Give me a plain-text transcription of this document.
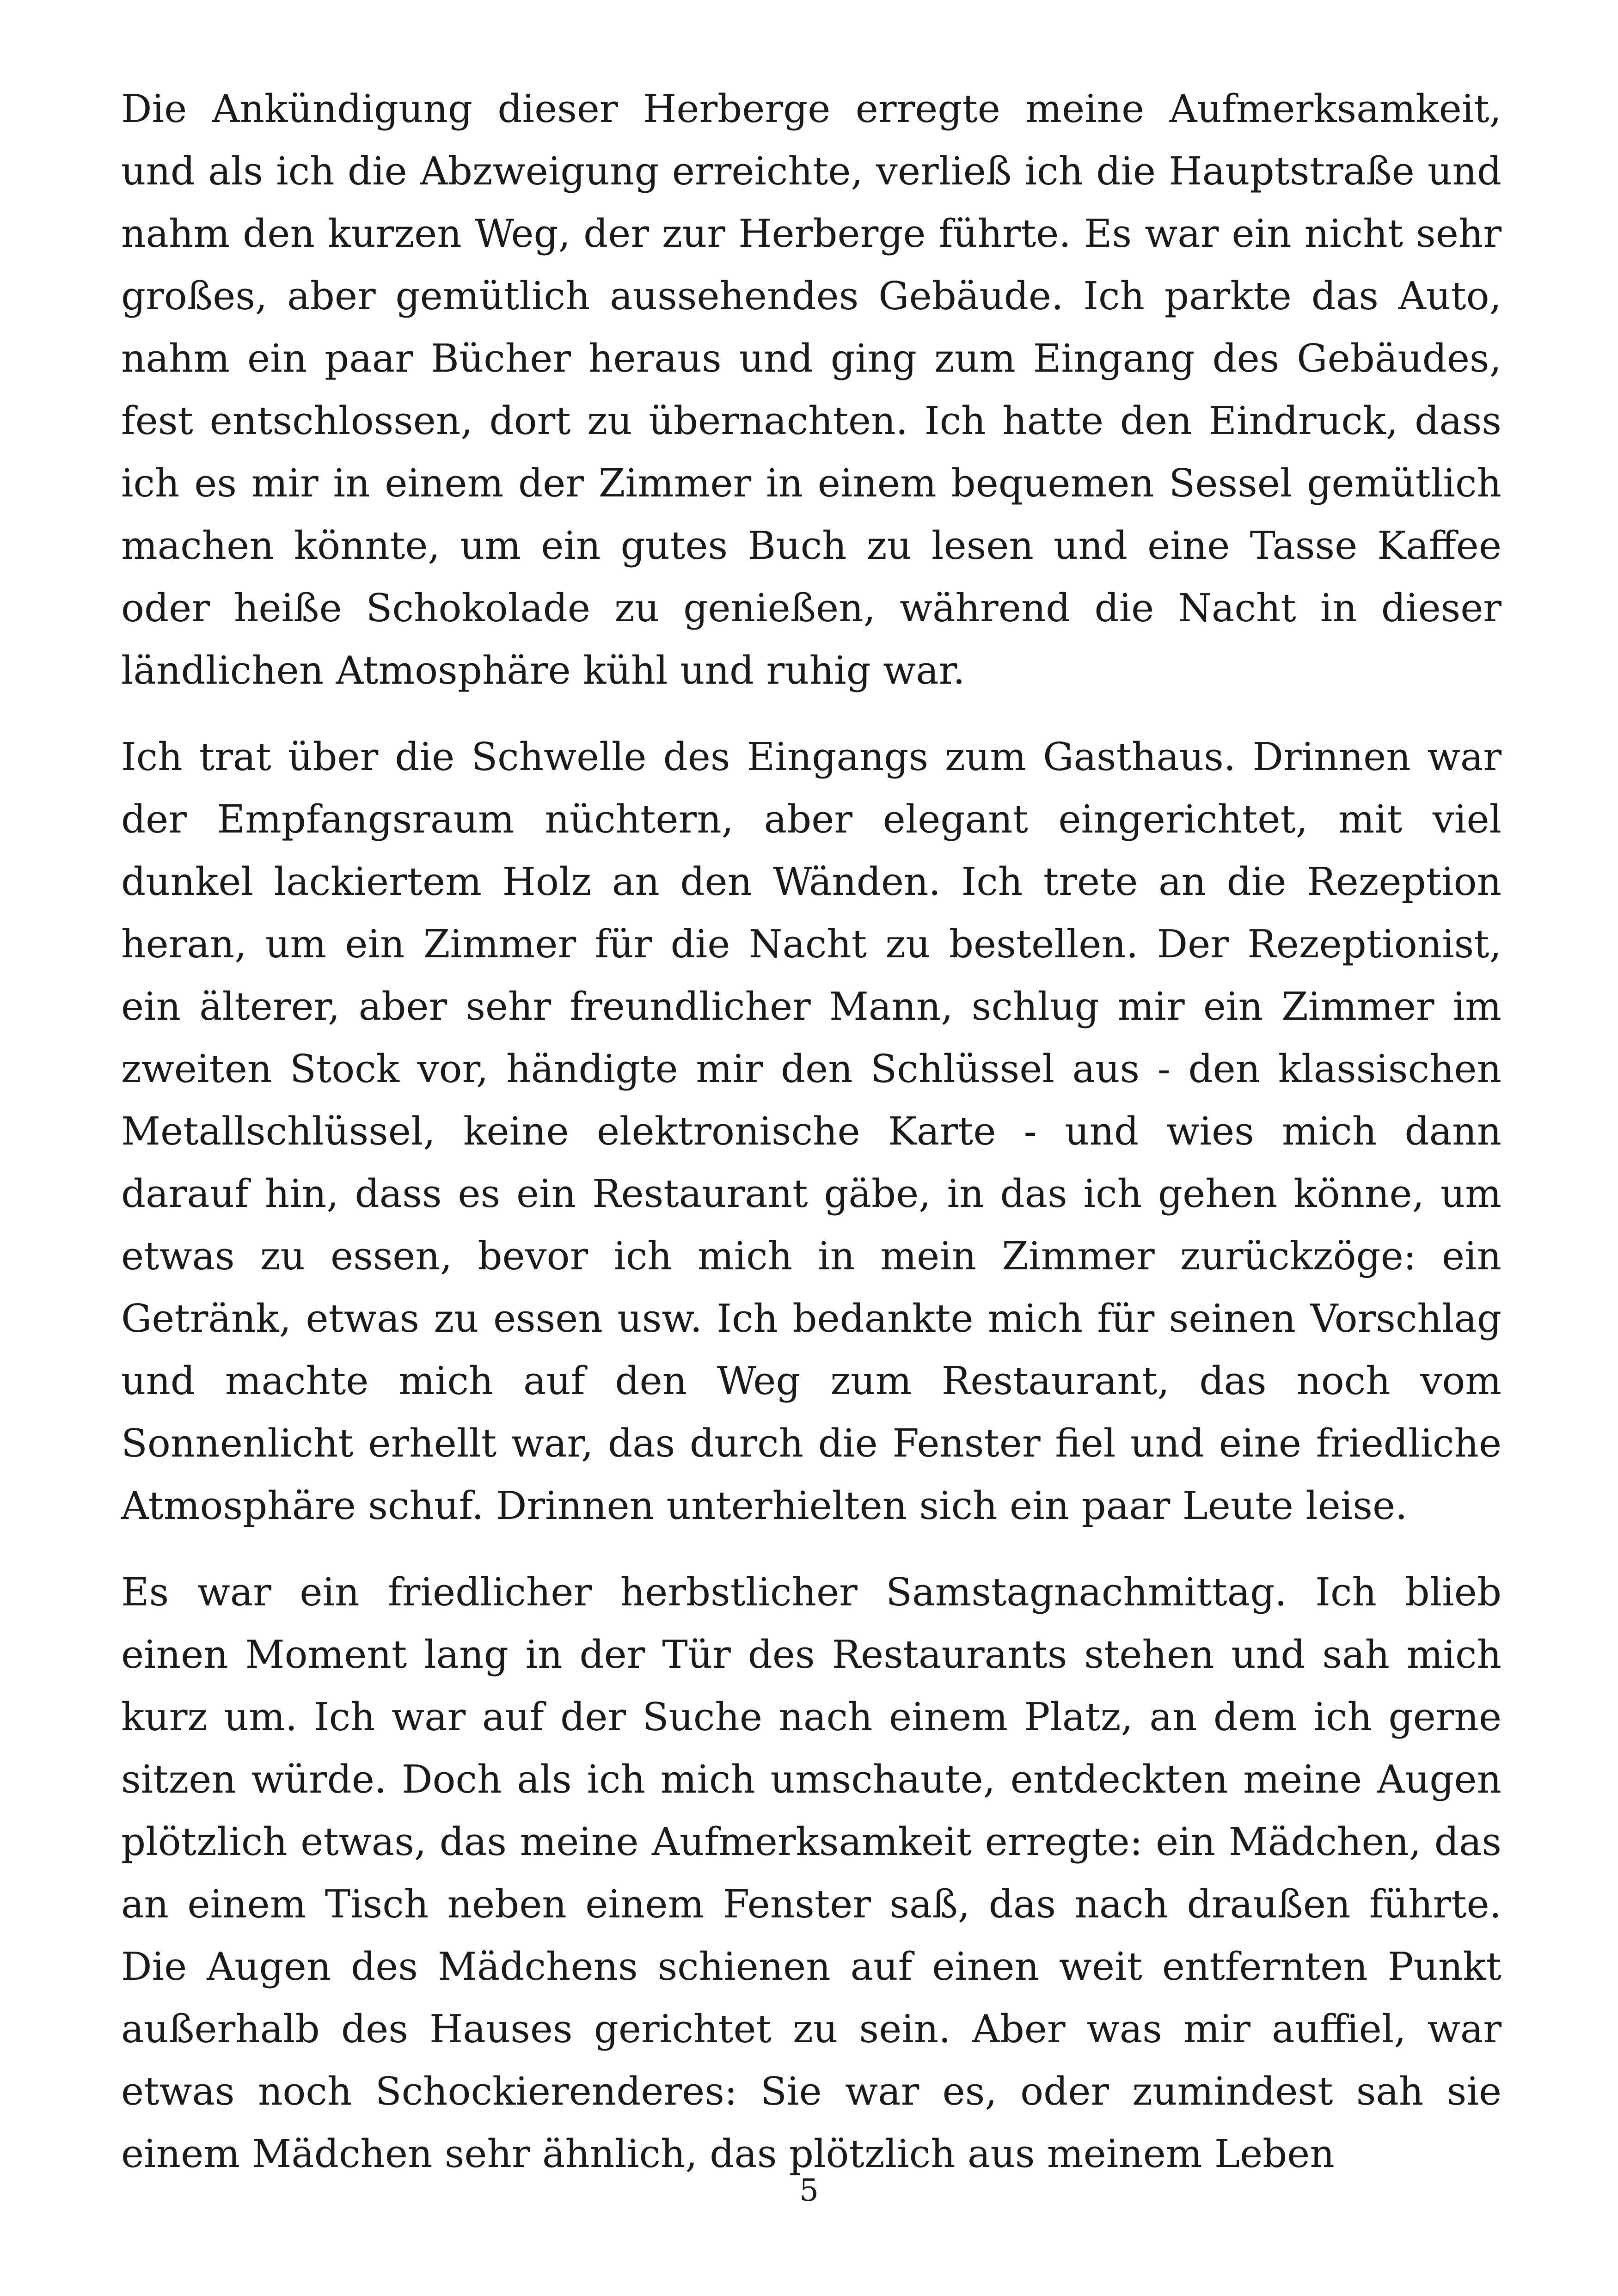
Die Ankündigung dieser Herberge erregte meine Aufmerksamkeit, und als ich die Abzweigung erreichte, verließ ich die Hauptstraße und nahm den kurzen Weg, der zur Herberge führte. Es war ein nicht sehr großes, aber gemütlich aussehendes Gebäude. Ich parkte das Auto, nahm ein paar Bücher heraus und ging zum Eingang des Gebäudes, fest entschlossen, dort zu übernachten. Ich hatte den Eindruck, dass ich es mir in einem der Zimmer in einem bequemen Sessel gemütlich machen könnte, um ein gutes Buch zu lesen und eine Tasse Kaffee oder heiße Schokolade zu genießen, während die Nacht in dieser ländlichen Atmosphäre kühl und ruhig war.

Ich trat über die Schwelle des Eingangs zum Gasthaus. Drinnen war der Empfangsraum nüchtern, aber elegant eingerichtet, mit viel dunkel lackiertem Holz an den Wänden. Ich trete an die Rezeption heran, um ein Zimmer für die Nacht zu bestellen. Der Rezeptionist, ein älterer, aber sehr freundlicher Mann, schlug mir ein Zimmer im zweiten Stock vor, händigte mir den Schlüssel aus - den klassischen Metallschlüssel, keine elektronische Karte - und wies mich dann darauf hin, dass es ein Restaurant gäbe, in das ich gehen könne, um etwas zu essen, bevor ich mich in mein Zimmer zurückzöge: ein Getränk, etwas zu essen usw. Ich bedankte mich für seinen Vorschlag und machte mich auf den Weg zum Restaurant, das noch vom Sonnenlicht erhellt war, das durch die Fenster fiel und eine friedliche Atmosphäre schuf. Drinnen unterhielten sich ein paar Leute leise.

Es war ein friedlicher herbstlicher Samstagnachmittag. Ich blieb einen Moment lang in der Tür des Restaurants stehen und sah mich kurz um. Ich war auf der Suche nach einem Platz, an dem ich gerne sitzen würde. Doch als ich mich umschaute, entdeckten meine Augen plötzlich etwas, das meine Aufmerksamkeit erregte: ein Mädchen, das an einem Tisch neben einem Fenster saß, das nach draußen führte. Die Augen des Mädchens schienen auf einen weit entfernten Punkt außerhalb des Hauses gerichtet zu sein. Aber was mir auffiel, war etwas noch Schockierenderes: Sie war es, oder zumindest sah sie einem Mädchen sehr ähnlich, das plötzlich aus meinem Leben

5
